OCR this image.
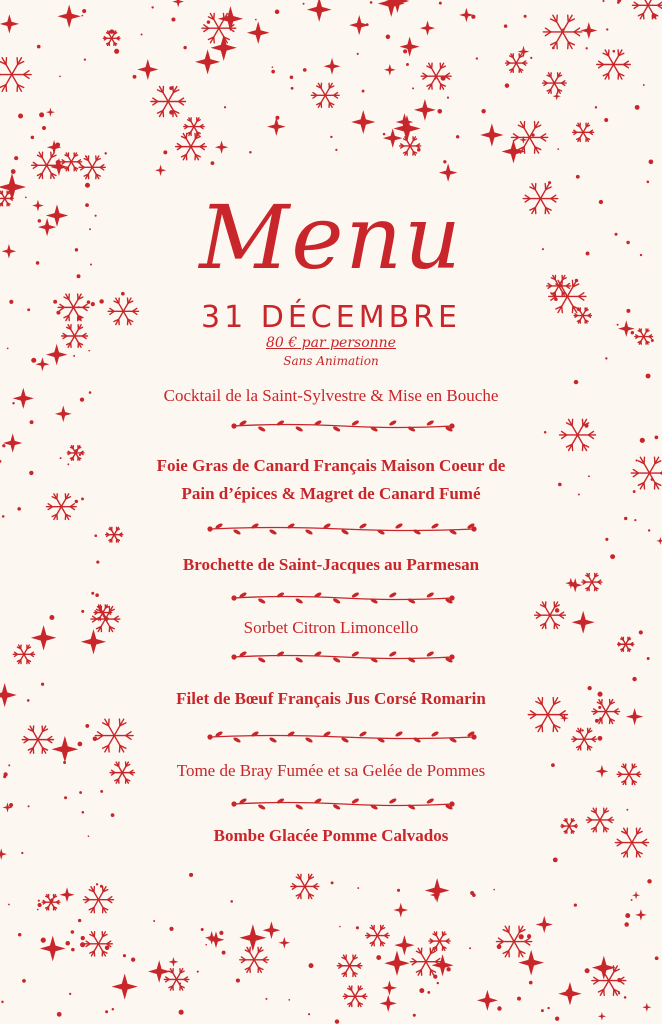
Menu
31 DÉCEMBRE
80 € par personne
Sans Animation
Cocktail de la Saint-Sylvestre & Mise en Bouche
Foie Gras de Canard Français Maison Coeur de
Pain d’épices & Magret de Canard Fumé
Brochette de Saint-Jacques au Parmesan
Sorbet Citron Limoncello
Filet de Bœuf Français Jus Corsé Romarin
Tome de Bray Fumée et sa Gelée de Pommes
Bombe Glacée Pomme Calvados
